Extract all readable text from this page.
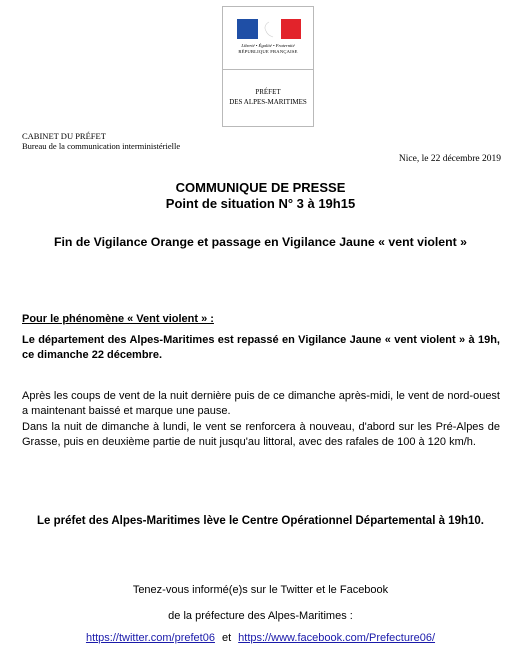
Liberté • Égalité • Fraternité
RÉPUBLIQUE FRANÇAISE
PRÉFET
DES ALPES-MARITIMES
CABINET DU PRÉFET
Bureau de la communication interministérielle
Nice, le 22 décembre 2019
COMMUNIQUE DE PRESSE
Point de situation N° 3 à 19h15
Fin de Vigilance Orange et passage en Vigilance Jaune « vent violent »
Pour le phénomène « Vent violent » :
Le département des Alpes-Maritimes est repassé en Vigilance Jaune « vent violent » à 19h, ce dimanche 22 décembre.
Après les coups de vent de la nuit dernière puis de ce dimanche après-midi, le vent de nord-ouest a maintenant baissé et marque une pause.
Dans la nuit de dimanche à lundi, le vent se renforcera à nouveau, d'abord sur les Pré-Alpes de Grasse, puis en deuxième partie de nuit jusqu'au littoral, avec des rafales de 100 à 120 km/h.
Le préfet des Alpes-Maritimes lève le Centre Opérationnel Départemental à 19h10.
Tenez-vous informé(e)s sur le Twitter et le Facebook
de la préfecture des Alpes-Maritimes :
https://twitter.com/prefet06 et https://www.facebook.com/Prefecture06/
